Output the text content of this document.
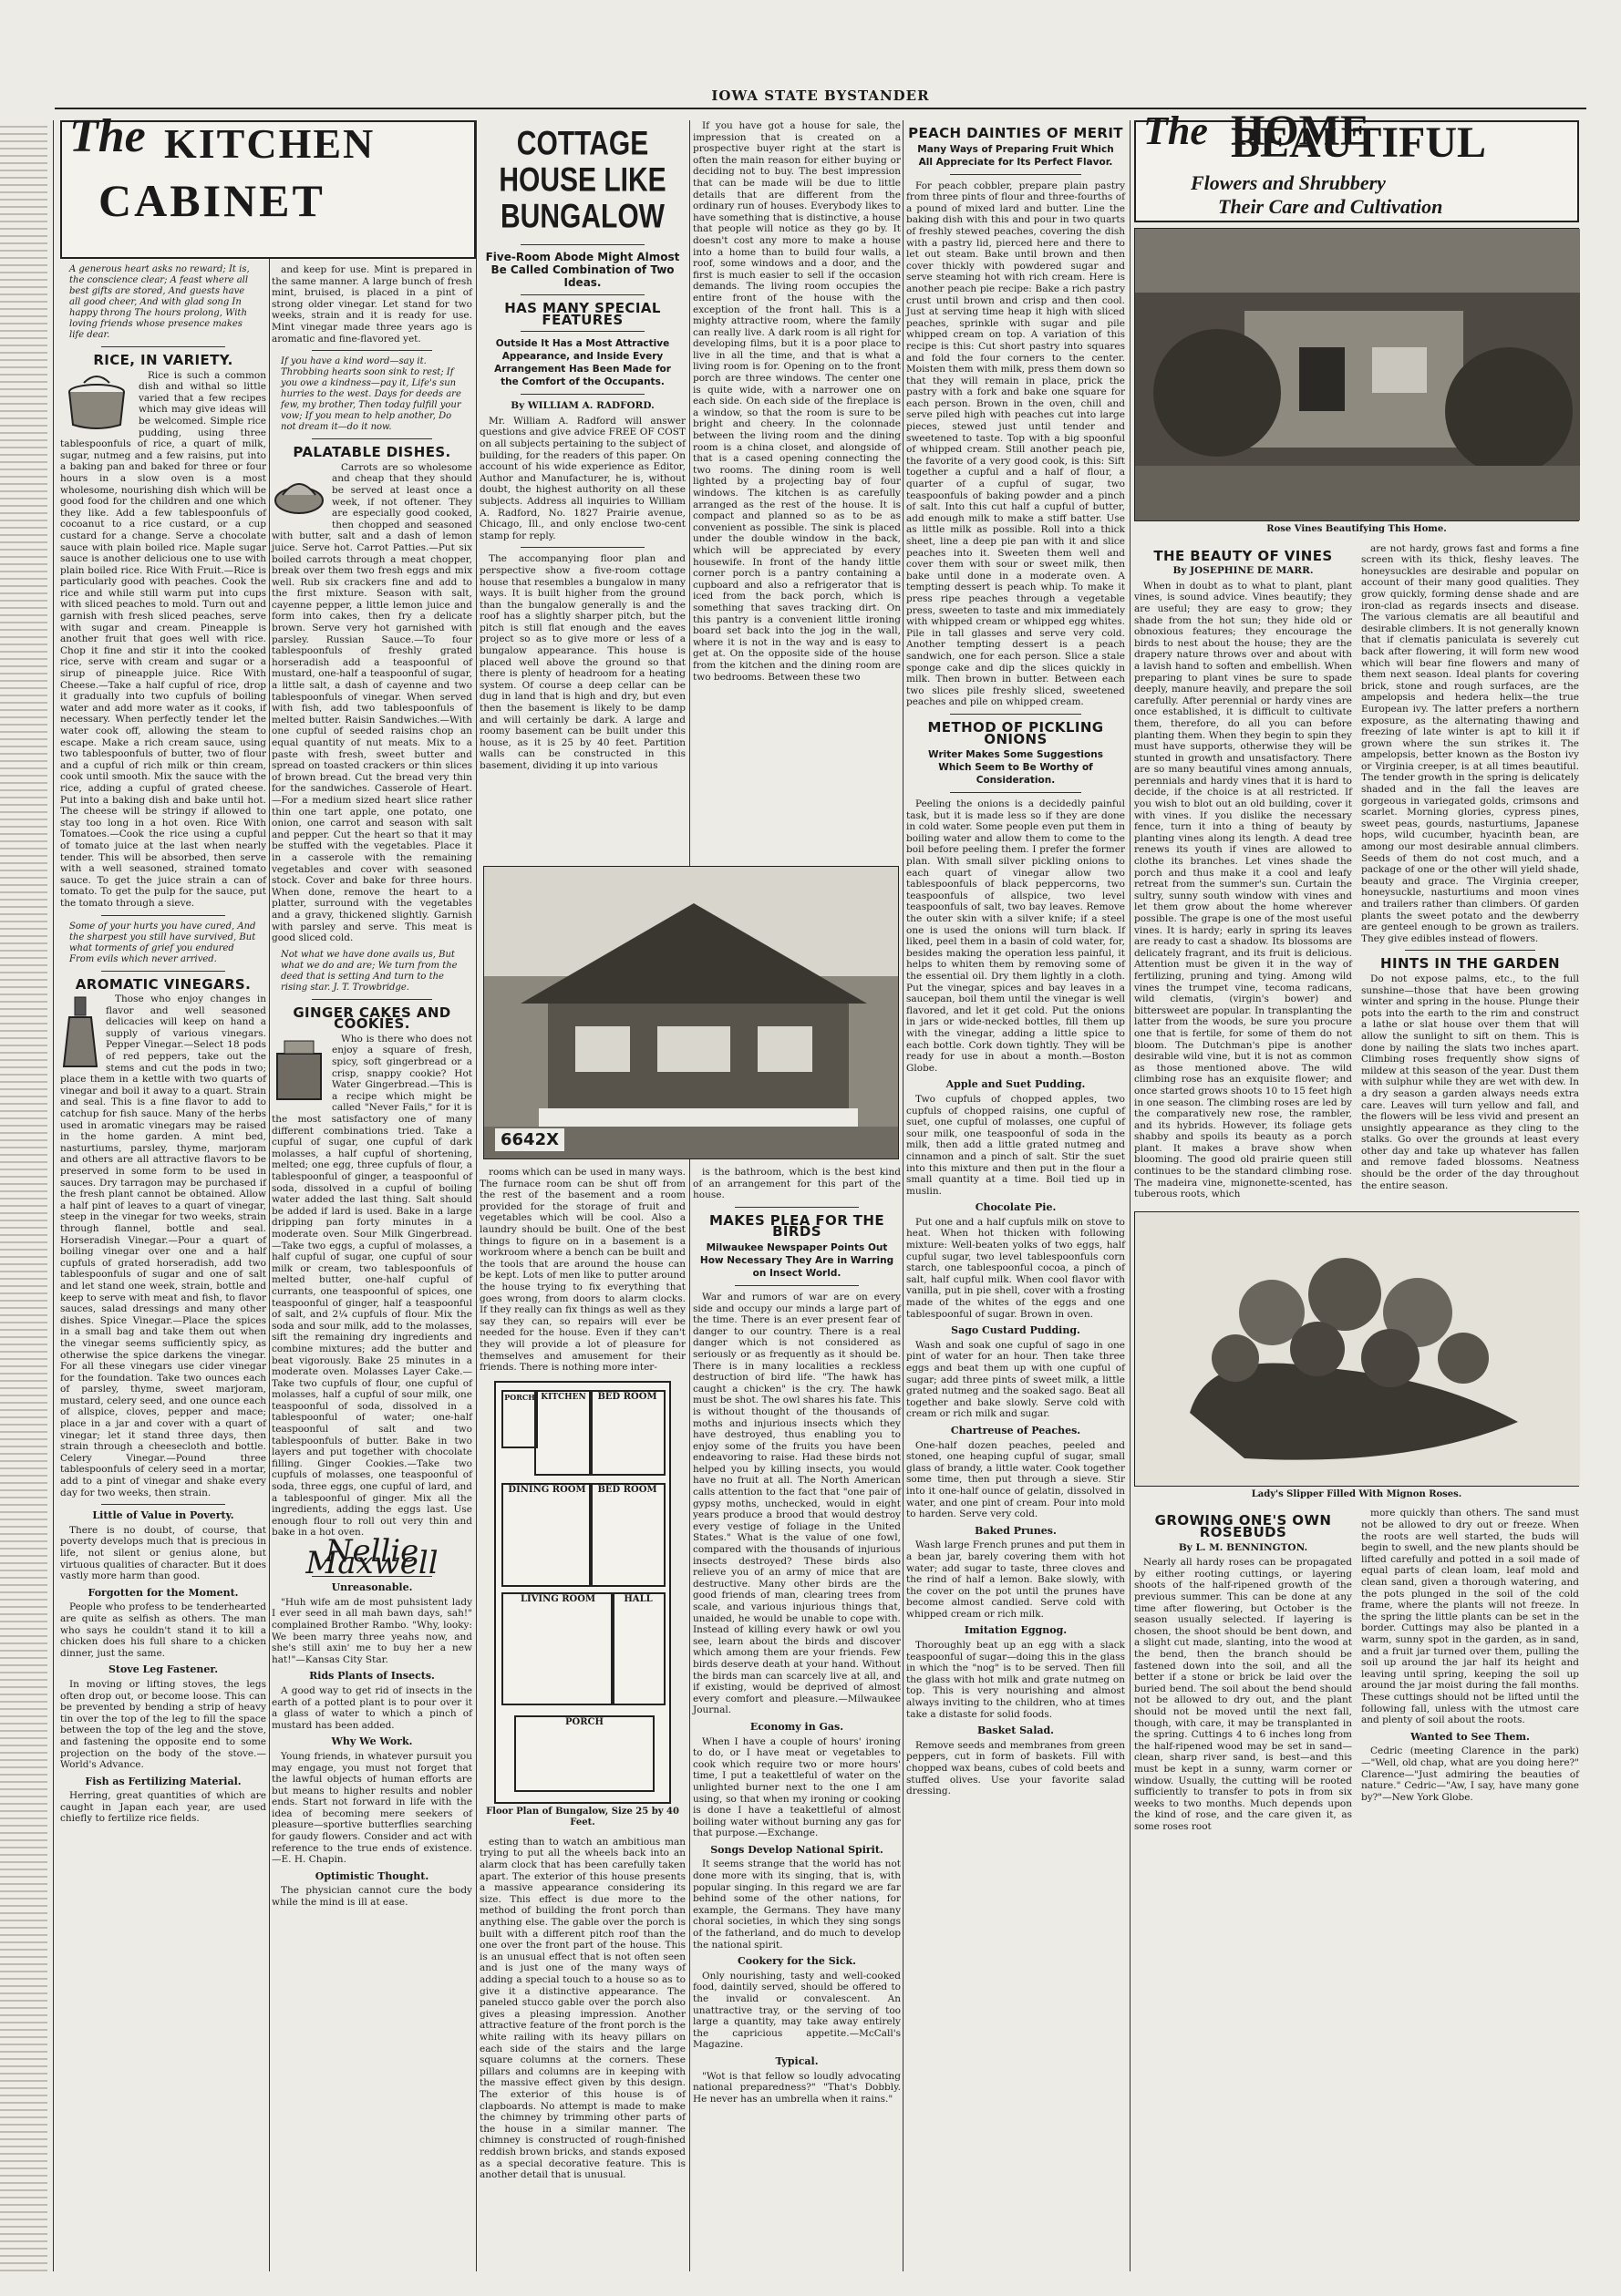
IOWA STATE BYSTANDER
The KITCHEN
CABINET
A generous heart asks no reward; It is, the conscience clear; A feast where all best gifts are stored, And guests have all good cheer, And with glad song In happy throng The hours prolong, With loving friends whose presence makes life dear.
RICE, IN VARIETY.

Rice is such a common dish and withal so little varied that a few recipes which may give ideas will be welcomed. Simple rice pudding, using three tablespoonfuls of rice, a quart of milk, sugar, nutmeg and a few raisins, put into a baking pan and baked for three or four hours in a slow oven is a most wholesome, nourishing dish which will be good food for the children and one which they like. Add a few tablespoonfuls of cocoanut to a rice custard, or a cup custard for a change. Serve a chocolate sauce with plain boiled rice. Maple sugar sauce is another delicious one to use with plain boiled rice. Rice With Fruit.—Rice is particularly good with peaches. Cook the rice and while still warm put into cups with sliced peaches to mold. Turn out and garnish with fresh sliced peaches, serve with sugar and cream. Pineapple is another fruit that goes well with rice. Chop it fine and stir it into the cooked rice, serve with cream and sugar or a sirup of pineapple juice. Rice With Cheese.—Take a half cupful of rice, drop it gradually into two cupfuls of boiling water and add more water as it cooks, if necessary. When perfectly tender let the water cook off, allowing the steam to escape. Make a rich cream sauce, using two tablespoonfuls of butter, two of flour and a cupful of rich milk or thin cream, cook until smooth. Mix the sauce with the rice, adding a cupful of grated cheese. Put into a baking dish and bake until hot. The cheese will be stringy if allowed to stay too long in a hot oven. Rice With Tomatoes.—Cook the rice using a cupful of tomato juice at the last when nearly tender. This will be absorbed, then serve with a well seasoned, strained tomato sauce. To get the juice strain a can of tomato. To get the pulp for the sauce, put the tomato through a sieve.

Some of your hurts you have cured, And the sharpest you still have survived, But what torments of grief you endured From evils which never arrived.
AROMATIC VINEGARS.

Those who enjoy changes in flavor and well seasoned delicacies will keep on hand a supply of various vinegars. Pepper Vinegar.—Select 18 pods of red peppers, take out the stems and cut the pods in two; place them in a kettle with two quarts of vinegar and boil it away to a quart. Strain and seal. This is a fine flavor to add to catchup for fish sauce. Many of the herbs used in aromatic vinegars may be raised in the home garden. A mint bed, nasturtiums, parsley, thyme, marjoram and others are all attractive flavors to be preserved in some form to be used in sauces. Dry tarragon may be purchased if the fresh plant cannot be obtained. Allow a half pint of leaves to a quart of vinegar, steep in the vinegar for two weeks, strain through flannel, bottle and seal. Horseradish Vinegar.—Pour a quart of boiling vinegar over one and a half cupfuls of grated horseradish, add two tablespoonfuls of sugar and one of salt and let stand one week, strain, bottle and keep to serve with meat and fish, to flavor sauces, salad dressings and many other dishes. Spice Vinegar.—Place the spices in a small bag and take them out when the vinegar seems sufficiently spicy, as otherwise the spice darkens the vinegar. For all these vinegars use cider vinegar for the foundation. Take two ounces each of parsley, thyme, sweet marjoram, mustard, celery seed, and one ounce each of allspice, cloves, pepper and mace; place in a jar and cover with a quart of vinegar; let it stand three days, then strain through a cheesecloth and bottle. Celery Vinegar.—Pound three tablespoonfuls of celery seed in a mortar, add to a pint of vinegar and shake every day for two weeks, then strain.

Little of Value in Poverty.

There is no doubt, of course, that poverty develops much that is precious in life, not silent or genius alone, but virtuous qualities of character. But it does vastly more harm than good.

Forgotten for the Moment.

People who profess to be tenderhearted are quite as selfish as others. The man who says he couldn't stand it to kill a chicken does his full share to a chicken dinner, just the same.

Stove Leg Fastener.

In moving or lifting stoves, the legs often drop out, or become loose. This can be prevented by bending a strip of heavy tin over the top of the leg to fill the space between the top of the leg and the stove, and fastening the opposite end to some projection on the body of the stove.—World's Advance.

Fish as Fertilizing Material.

Herring, great quantities of which are caught in Japan each year, are used chiefly to fertilize rice fields.

and keep for use. Mint is prepared in the same manner. A large bunch of fresh mint, bruised, is placed in a pint of strong older vinegar. Let stand for two weeks, strain and it is ready for use. Mint vinegar made three years ago is aromatic and fine-flavored yet.

If you have a kind word—say it. Throbbing hearts soon sink to rest; If you owe a kindness—pay it, Life's sun hurries to the west. Days for deeds are few, my brother, Then today fulfill your vow; If you mean to help another, Do not dream it—do it now.
PALATABLE DISHES.

Carrots are so wholesome and cheap that they should be served at least once a week, if not oftener. They are especially good cooked, then chopped and seasoned with butter, salt and a dash of lemon juice. Serve hot. Carrot Patties.—Put six boiled carrots through a meat chopper, break over them two fresh eggs and mix well. Rub six crackers fine and add to the first mixture. Season with salt, cayenne pepper, a little lemon juice and form into cakes, then fry a delicate brown. Serve very hot garnished with parsley. Russian Sauce.—To four tablespoonfuls of freshly grated horseradish add a teaspoonful of mustard, one-half a teaspoonful of sugar, a little salt, a dash of cayenne and two tablespoonfuls of vinegar. When served with fish, add two tablespoonfuls of melted butter. Raisin Sandwiches.—With one cupful of seeded raisins chop an equal quantity of nut meats. Mix to a paste with fresh, sweet butter and spread on toasted crackers or thin slices of brown bread. Cut the bread very thin for the sandwiches. Casserole of Heart.—For a medium sized heart slice rather thin one tart apple, one potato, one onion, one carrot and season with salt and pepper. Cut the heart so that it may be stuffed with the vegetables. Place it in a casserole with the remaining vegetables and cover with seasoned stock. Cover and bake for three hours. When done, remove the heart to a platter, surround with the vegetables and a gravy, thickened slightly. Garnish with parsley and serve. This meat is good sliced cold.

Not what we have done avails us, But what we do and are; We turn from the deed that is setting And turn to the rising star. J. T. Trowbridge.
GINGER CAKES AND COOKIES.

Who is there who does not enjoy a square of fresh, spicy, soft gingerbread or a crisp, snappy cookie? Hot Water Gingerbread.—This is a recipe which might be called "Never Fails," for it is the most satisfactory one of many different combinations tried. Take a cupful of sugar, one cupful of dark molasses, a half cupful of shortening, melted; one egg, three cupfuls of flour, a tablespoonful of ginger, a teaspoonful of soda, dissolved in a cupful of boiling water added the last thing. Salt should be added if lard is used. Bake in a large dripping pan forty minutes in a moderate oven. Sour Milk Gingerbread.—Take two eggs, a cupful of molasses, a half cupful of sugar, one cupful of sour milk or cream, two tablespoonfuls of melted butter, one-half cupful of currants, one teaspoonful of spices, one teaspoonful of ginger, half a teaspoonful of salt, and 2¼ cupfuls of flour. Mix the soda and sour milk, add to the molasses, sift the remaining dry ingredients and combine mixtures; add the butter and beat vigorously. Bake 25 minutes in a moderate oven. Molasses Layer Cake.—Take two cupfuls of flour, one cupful of molasses, half a cupful of sour milk, one teaspoonful of soda, dissolved in a tablespoonful of water; one-half teaspoonful of salt and two tablespoonfuls of butter. Bake in two layers and put together with chocolate filling. Ginger Cookies.—Take two cupfuls of molasses, one teaspoonful of soda, three eggs, one cupful of lard, and a tablespoonful of ginger. Mix all the ingredients, adding the eggs last. Use enough flour to roll out very thin and bake in a hot oven.

Nellie Maxwell
Unreasonable.

"Huh wife am de most puhsistent lady I ever seed in all mah bawn days, sah!" complained Brother Rambo. "Why, looky: We been marry three yeahs now, and she's still axin' me to buy her a new hat!"—Kansas City Star.

Rids Plants of Insects.

A good way to get rid of insects in the earth of a potted plant is to pour over it a glass of water to which a pinch of mustard has been added.

Why We Work.

Young friends, in whatever pursuit you may engage, you must not forget that the lawful objects of human efforts are but means to higher results and nobler ends. Start not forward in life with the idea of becoming mere seekers of pleasure—sportive butterflies searching for gaudy flowers. Consider and act with reference to the true ends of existence.—E. H. Chapin.

Optimistic Thought.

The physician cannot cure the body while the mind is ill at ease.

COTTAGE HOUSE LIKE BUNGALOW
Five-Room Abode Might Almost Be Called Combination of Two Ideas.
HAS MANY SPECIAL FEATURES
Outside It Has a Most Attractive Appearance, and Inside Every Arrangement Has Been Made for the Comfort of the Occupants.
By WILLIAM A. RADFORD.

Mr. William A. Radford will answer questions and give advice FREE OF COST on all subjects pertaining to the subject of building, for the readers of this paper. On account of his wide experience as Editor, Author and Manufacturer, he is, without doubt, the highest authority on all these subjects. Address all inquiries to William A. Radford, No. 1827 Prairie avenue, Chicago, Ill., and only enclose two-cent stamp for reply.

The accompanying floor plan and perspective show a five-room cottage house that resembles a bungalow in many ways. It is built higher from the ground than the bungalow generally is and the roof has a slightly sharper pitch, but the pitch is still flat enough and the eaves project so as to give more or less of a bungalow appearance. This house is placed well above the ground so that there is plenty of headroom for a heating system. Of course a deep cellar can be dug in land that is high and dry, but even then the basement is likely to be damp and will certainly be dark. A large and roomy basement can be built under this house, as it is 25 by 40 feet. Partition walls can be constructed in this basement, dividing it up into various

If you have got a house for sale, the impression that is created on a prospective buyer right at the start is often the main reason for either buying or deciding not to buy. The best impression that can be made will be due to little details that are different from the ordinary run of houses. Everybody likes to have something that is distinctive, a house that people will notice as they go by. It doesn't cost any more to make a house into a home than to build four walls, a roof, some windows and a door, and the first is much easier to sell if the occasion demands. The living room occupies the entire front of the house with the exception of the front hall. This is a mighty attractive room, where the family can really live. A dark room is all right for developing films, but it is a poor place to live in all the time, and that is what a living room is for. Opening on to the front porch are three windows. The center one is quite wide, with a narrower one on each side. On each side of the fireplace is a window, so that the room is sure to be bright and cheery. In the colonnade between the living room and the dining room is a china closet, and alongside of that is a cased opening connecting the two rooms. The dining room is well lighted by a projecting bay of four windows. The kitchen is as carefully arranged as the rest of the house. It is compact and planned so as to be as convenient as possible. The sink is placed under the double window in the back, which will be appreciated by every housewife. In front of the handy little corner porch is a pantry containing a cupboard and also a refrigerator that is iced from the back porch, which is something that saves tracking dirt. On this pantry is a convenient little ironing board set back into the jog in the wall, where it is not in the way and is easy to get at. On the opposite side of the house from the kitchen and the dining room are two bedrooms. Between these two

6642X

rooms which can be used in many ways. The furnace room can be shut off from the rest of the basement and a room provided for the storage of fruit and vegetables which will be cool. Also a laundry should be built. One of the best things to figure on in a basement is a workroom where a bench can be built and the tools that are around the house can be kept. Lots of men like to putter around the house trying to fix everything that goes wrong, from doors to alarm clocks. If they really can fix things as well as they say they can, so repairs will ever be needed for the house. Even if they can't they will provide a lot of pleasure for themselves and amusement for their friends. There is nothing more inter-

PORCH KITCHEN	BED ROOM
DINING ROOM	BED ROOM
LIVING ROOM	HALL
PORCH
Floor Plan of Bungalow, Size 25 by 40 Feet.

esting than to watch an ambitious man trying to put all the wheels back into an alarm clock that has been carefully taken apart. The exterior of this house presents a massive appearance considering its size. This effect is due more to the method of building the front porch than anything else. The gable over the porch is built with a different pitch roof than the one over the front part of the house. This is an unusual effect that is not often seen and is just one of the many ways of adding a special touch to a house so as to give it a distinctive appearance. The paneled stucco gable over the porch also gives a pleasing impression. Another attractive feature of the front porch is the white railing with its heavy pillars on each side of the stairs and the large square columns at the corners. These pillars and columns are in keeping with the massive effect given by this design. The exterior of this house is of clapboards. No attempt is made to make the chimney by trimming other parts of the house in a similar manner. The chimney is constructed of rough-finished reddish brown bricks, and stands exposed as a special decorative feature. This is another detail that is unusual.

is the bathroom, which is the best kind of an arrangement for this part of the house.

MAKES PLEA FOR THE BIRDS
Milwaukee Newspaper Points Out How Necessary They Are in Warring on Insect World.

War and rumors of war are on every side and occupy our minds a large part of the time. There is an ever present fear of danger to our country. There is a real danger which is not considered as seriously or as frequently as it should be. There is in many localities a reckless destruction of bird life. "The hawk has caught a chicken" is the cry. The hawk must be shot. The owl shares his fate. This is without thought of the thousands of moths and injurious insects which they have destroyed, thus enabling you to enjoy some of the fruits you have been endeavoring to raise. Had these birds not helped you by killing insects, you would have no fruit at all. The North American calls attention to the fact that "one pair of gypsy moths, unchecked, would in eight years produce a brood that would destroy every vestige of foliage in the United States." What is the value of one fowl, compared with the thousands of injurious insects destroyed? These birds also relieve you of an army of mice that are destructive. Many other birds are the good friends of man, clearing trees from scale, and various injurious things that, unaided, he would be unable to cope with. Instead of killing every hawk or owl you see, learn about the birds and discover which among them are your friends. Few birds deserve death at your hand. Without the birds man can scarcely live at all, and if existing, would be deprived of almost every comfort and pleasure.—Milwaukee Journal.

Economy in Gas.

When I have a couple of hours' ironing to do, or I have meat or vegetables to cook which require two or more hours' time, I put a teakettleful of water on the unlighted burner next to the one I am using, so that when my ironing or cooking is done I have a teakettleful of almost boiling water without burning any gas for that purpose.—Exchange.

Songs Develop National Spirit.

It seems strange that the world has not done more with its singing, that is, with popular singing. In this regard we are far behind some of the other nations, for example, the Germans. They have many choral societies, in which they sing songs of the fatherland, and do much to develop the national spirit.

Cookery for the Sick.

Only nourishing, tasty and well-cooked food, daintily served, should be offered to the invalid or convalescent. An unattractive tray, or the serving of too large a quantity, may take away entirely the capricious appetite.—McCall's Magazine.

Typical.

"Wot is that fellow so loudly advocating national preparedness?" "That's Dobbly. He never has an umbrella when it rains."

PEACH DAINTIES OF MERIT
Many Ways of Preparing Fruit Which All Appreciate for Its Perfect Flavor.

For peach cobbler, prepare plain pastry from three pints of flour and three-fourths of a pound of mixed lard and butter. Line the baking dish with this and pour in two quarts of freshly stewed peaches, covering the dish with a pastry lid, pierced here and there to let out steam. Bake until brown and then cover thickly with powdered sugar and serve steaming hot with rich cream. Here is another peach pie recipe: Bake a rich pastry crust until brown and crisp and then cool. Just at serving time heap it high with sliced peaches, sprinkle with sugar and pile whipped cream on top. A variation of this recipe is this: Cut short pastry into squares and fold the four corners to the center. Moisten them with milk, press them down so that they will remain in place, prick the pastry with a fork and bake one square for each person. Brown in the oven, chill and serve piled high with peaches cut into large pieces, stewed just until tender and sweetened to taste. Top with a big spoonful of whipped cream. Still another peach pie, the favorite of a very good cook, is this: Sift together a cupful and a half of flour, a quarter of a cupful of sugar, two teaspoonfuls of baking powder and a pinch of salt. Into this cut half a cupful of butter, add enough milk to make a stiff batter. Use as little milk as possible. Roll into a thick sheet, line a deep pie pan with it and slice peaches into it. Sweeten them well and cover them with sour or sweet milk, then bake until done in a moderate oven. A tempting dessert is peach whip. To make it press ripe peaches through a vegetable press, sweeten to taste and mix immediately with whipped cream or whipped egg whites. Pile in tall glasses and serve very cold. Another tempting dessert is a peach sandwich, one for each person. Slice a stale sponge cake and dip the slices quickly in milk. Then brown in butter. Between each two slices pile freshly sliced, sweetened peaches and pile on whipped cream.

METHOD OF PICKLING ONIONS
Writer Makes Some Suggestions Which Seem to Be Worthy of Consideration.

Peeling the onions is a decidedly painful task, but it is made less so if they are done in cold water. Some people even put them in boiling water and allow them to come to the boil before peeling them. I prefer the former plan. With small silver pickling onions to each quart of vinegar allow two tablespoonfuls of black peppercorns, two teaspoonfuls of allspice, two level teaspoonfuls of salt, two bay leaves. Remove the outer skin with a silver knife; if a steel one is used the onions will turn black. If liked, peel them in a basin of cold water, for, besides making the operation less painful, it helps to whiten them by removing some of the essential oil. Dry them lightly in a cloth. Put the vinegar, spices and bay leaves in a saucepan, boil them until the vinegar is well flavored, and let it get cold. Put the onions in jars or wide-necked bottles, fill them up with the vinegar, adding a little spice to each bottle. Cork down tightly. They will be ready for use in about a month.—Boston Globe.

Apple and Suet Pudding.

Two cupfuls of chopped apples, two cupfuls of chopped raisins, one cupful of suet, one cupful of molasses, one cupful of sour milk, one teaspoonful of soda in the milk, then add a little grated nutmeg and cinnamon and a pinch of salt. Stir the suet into this mixture and then put in the flour a small quantity at a time. Boil tied up in muslin.

Chocolate Pie.

Put one and a half cupfuls milk on stove to heat. When hot thicken with following mixture: Well-beaten yolks of two eggs, half cupful sugar, two level tablespoonfuls corn starch, one tablespoonful cocoa, a pinch of salt, half cupful milk. When cool flavor with vanilla, put in pie shell, cover with a frosting made of the whites of the eggs and one tablespoonful of sugar. Brown in oven.

Sago Custard Pudding.

Wash and soak one cupful of sago in one pint of water for an hour. Then take three eggs and beat them up with one cupful of sugar; add three pints of sweet milk, a little grated nutmeg and the soaked sago. Beat all together and bake slowly. Serve cold with cream or rich milk and sugar.

Chartreuse of Peaches.

One-half dozen peaches, peeled and stoned, one heaping cupful of sugar, small glass of brandy, a little water. Cook together some time, then put through a sieve. Stir into it one-half ounce of gelatin, dissolved in water, and one pint of cream. Pour into mold to harden. Serve very cold.

Baked Prunes.

Wash large French prunes and put them in a bean jar, barely covering them with hot water; add sugar to taste, three cloves and the rind of half a lemon. Bake slowly, with the cover on the pot until the prunes have become almost candied. Serve cold with whipped cream or rich milk.

Imitation Eggnog.

Thoroughly beat up an egg with a slack teaspoonful of sugar—doing this in the glass in which the "nog" is to be served. Then fill the glass with hot milk and grate nutmeg on top. This is very nourishing and almost always inviting to the children, who at times take a distaste for solid foods.

Basket Salad.

Remove seeds and membranes from green peppers, cut in form of baskets. Fill with chopped wax beans, cubes of cold beets and stuffed olives. Use your favorite salad dressing.

The HOME BEAUTIFUL
Flowers and Shrubbery
Their Care and Cultivation
Rose Vines Beautifying This Home.
THE BEAUTY OF VINES
By JOSEPHINE DE MARR.

When in doubt as to what to plant, plant vines, is sound advice. Vines beautify; they are useful; they are easy to grow; they shade from the hot sun; they hide old or obnoxious features; they encourage the birds to nest about the house; they are the drapery nature throws over and about with a lavish hand to soften and embellish. When preparing to plant vines be sure to spade deeply, manure heavily, and prepare the soil carefully. After perennial or hardy vines are once established, it is difficult to cultivate them, therefore, do all you can before planting them. When they begin to spin they must have supports, otherwise they will be stunted in growth and unsatisfactory. There are so many beautiful vines among annuals, perennials and hardy vines that it is hard to decide, if the choice is at all restricted. If you wish to blot out an old building, cover it with vines. If you dislike the necessary fence, turn it into a thing of beauty by planting vines along its length. A dead tree renews its youth if vines are allowed to clothe its branches. Let vines shade the porch and thus make it a cool and leafy retreat from the summer's sun. Curtain the sultry, sunny south window with vines and let them grow about the home wherever possible. The grape is one of the most useful vines. It is hardy; early in spring its leaves are ready to cast a shadow. Its blossoms are delicately fragrant, and its fruit is delicious. Attention must be given it in the way of fertilizing, pruning and tying. Among wild vines the trumpet vine, tecoma radicans, wild clematis, (virgin's bower) and bittersweet are popular. In transplanting the latter from the woods, be sure you procure one that is fertile, for some of them do not bloom. The Dutchman's pipe is another desirable wild vine, but it is not as common as those mentioned above. The wild climbing rose has an exquisite flower; and once started grows shoots 10 to 15 feet high in one season. The climbing roses are led by the comparatively new rose, the rambler, and its hybrids. However, its foliage gets shabby and spoils its beauty as a porch plant. It makes a brave show when blooming. The good old prairie queen still continues to be the standard climbing rose. The madeira vine, mignonette-scented, has tuberous roots, which

are not hardy, grows fast and forms a fine screen with its thick, fleshy leaves. The honeysuckles are desirable and popular on account of their many good qualities. They grow quickly, forming dense shade and are iron-clad as regards insects and disease. The various clematis are all beautiful and desirable climbers. It is not generally known that if clematis paniculata is severely cut back after flowering, it will form new wood which will bear fine flowers and many of them next season. Ideal plants for covering brick, stone and rough surfaces, are the ampelopsis and hedera helix—the true European ivy. The latter prefers a northern exposure, as the alternating thawing and freezing of late winter is apt to kill it if grown where the sun strikes it. The ampelopsis, better known as the Boston ivy or Virginia creeper, is at all times beautiful. The tender growth in the spring is delicately shaded and in the fall the leaves are gorgeous in variegated golds, crimsons and scarlet. Morning glories, cypress pines, sweet peas, gourds, nasturtiums, Japanese hops, wild cucumber, hyacinth bean, are among our most desirable annual climbers. Seeds of them do not cost much, and a package of one or the other will yield shade, beauty and grace. The Virginia creeper, honeysuckle, nasturtiums and moon vines and trailers rather than climbers. Of garden plants the sweet potato and the dewberry are genteel enough to be grown as trailers. They give edibles instead of flowers.

HINTS IN THE GARDEN

Do not expose palms, etc., to the full sunshine—those that have been growing winter and spring in the house. Plunge their pots into the earth to the rim and construct a lathe or slat house over them that will allow the sunlight to sift on them. This is done by nailing the slats two inches apart. Climbing roses frequently show signs of mildew at this season of the year. Dust them with sulphur while they are wet with dew. In a dry season a garden always needs extra care. Leaves will turn yellow and fall, and the flowers will be less vivid and present an unsightly appearance as they cling to the stalks. Go over the grounds at least every other day and take up whatever has fallen and remove faded blossoms. Neatness should be the order of the day throughout the entire season.

Lady's Slipper Filled With Mignon Roses.
GROWING ONE'S OWN ROSEBUDS
By L. M. BENNINGTON.

Nearly all hardy roses can be propagated by either rooting cuttings, or layering shoots of the half-ripened growth of the previous summer. This can be done at any time after flowering, but October is the season usually selected. If layering is chosen, the shoot should be bent down, and a slight cut made, slanting, into the wood at the bend, then the branch should be fastened down into the soil, and all the better if a stone or brick be laid over the buried bend. The soil about the bend should not be allowed to dry out, and the plant should not be moved until the next fall, though, with care, it may be transplanted in the spring. Cuttings 4 to 6 inches long from the half-ripened wood may be set in sand—clean, sharp river sand, is best—and this must be kept in a sunny, warm corner or window. Usually, the cutting will be rooted sufficiently to transfer to pots in from six weeks to two months. Much depends upon the kind of rose, and the care given it, as some roses root

more quickly than others. The sand must not be allowed to dry out or freeze. When the roots are well started, the buds will begin to swell, and the new plants should be lifted carefully and potted in a soil made of equal parts of clean loam, leaf mold and clean sand, given a thorough watering, and the pots plunged in the soil of the cold frame, where the plants will not freeze. In the spring the little plants can be set in the border. Cuttings may also be planted in a warm, sunny spot in the garden, as in sand, and a fruit jar turned over them, pulling the soil up around the jar half its height and leaving until spring, keeping the soil up around the jar moist during the fall months. These cuttings should not be lifted until the following fall, unless with the utmost care and plenty of soil about the roots.

Wanted to See Them.

Cedric (meeting Clarence in the park)—"Well, old chap, what are you doing here?" Clarence—"Just admiring the beauties of nature." Cedric—"Aw, I say, have many gone by?"—New York Globe.
